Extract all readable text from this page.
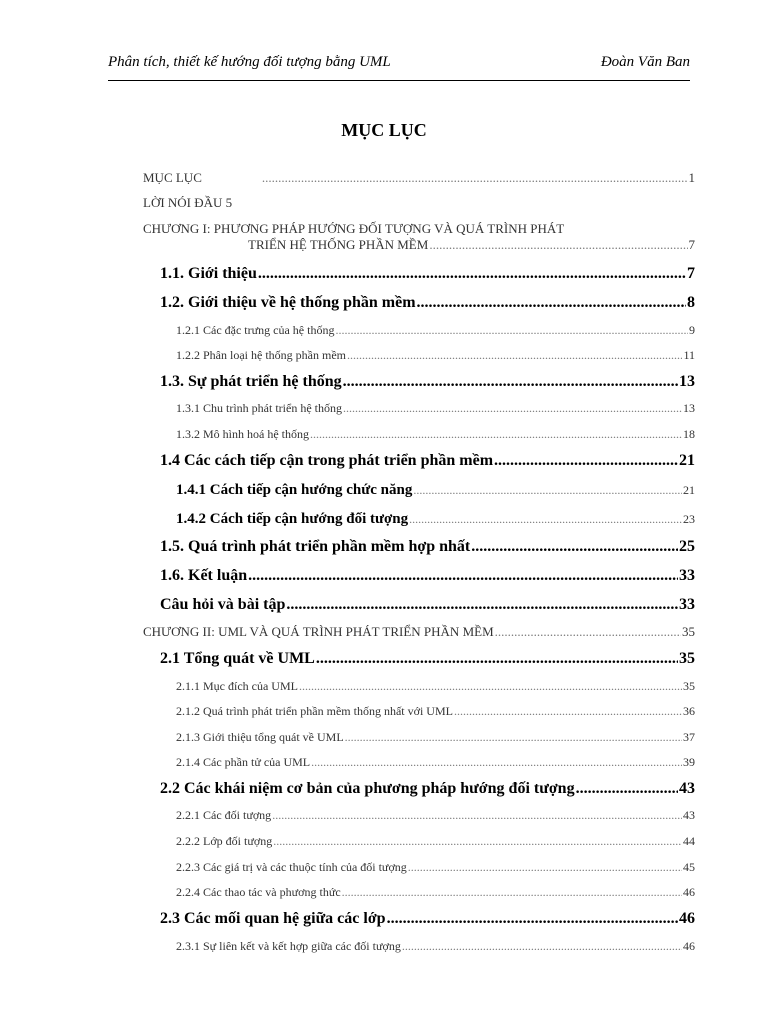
Phân tích, thiết kế hướng đối tượng bằng UML	Đoàn Văn Ban
MỤC LỤC
MỤC LỤC .....	1
LỜI NÓI ĐẦU 5
CHƯƠNG I: PHƯƠNG PHÁP HƯỚNG ĐỐI TƯỢNG VÀ QUÁ TRÌNH PHÁT
TRIỂN HỆ THỐNG PHẦN MỀM .....	7
1.1. Giới thiệu .....	7
1.2. Giới thiệu về hệ thống phần mềm .....	8
1.2.1 Các đặc trưng của hệ thống .....	9
1.2.2 Phân loại hệ thống phần mềm .....	11
1.3. Sự phát triển hệ thống .....	13
1.3.1 Chu trình phát triển hệ thống .....	13
1.3.2 Mô hình hoá hệ thống .....	18
1.4 Các cách tiếp cận trong phát triển phần mềm .....	21
1.4.1 Cách tiếp cận hướng chức năng .....	21
1.4.2 Cách tiếp cận hướng đối tượng .....	23
1.5. Quá trình phát triển phần mềm hợp nhất .....	25
1.6. Kết luận .....	33
Câu hỏi và bài tập .....	33
CHƯƠNG II: UML VÀ QUÁ TRÌNH PHÁT TRIỂN PHẦN MỀM .....	35
2.1 Tổng quát về UML .....	35
2.1.1 Mục đích của UML .....	35
2.1.2 Quá trình phát triển phần mềm thống nhất với UML .....	36
2.1.3 Giới thiệu tổng quát về UML .....	37
2.1.4 Các phần tử của UML .....	39
2.2 Các khái niệm cơ bản của phương pháp hướng đối tượng .....	43
2.2.1 Các đối tượng .....	43
2.2.2 Lớp đối tượng .....	44
2.2.3 Các giá trị và các thuộc tính của đối tượng .....	45
2.2.4 Các thao tác và phương thức .....	46
2.3 Các mối quan hệ giữa các lớp .....	46
2.3.1 Sự liên kết và kết hợp giữa các đối tượng .....	46
